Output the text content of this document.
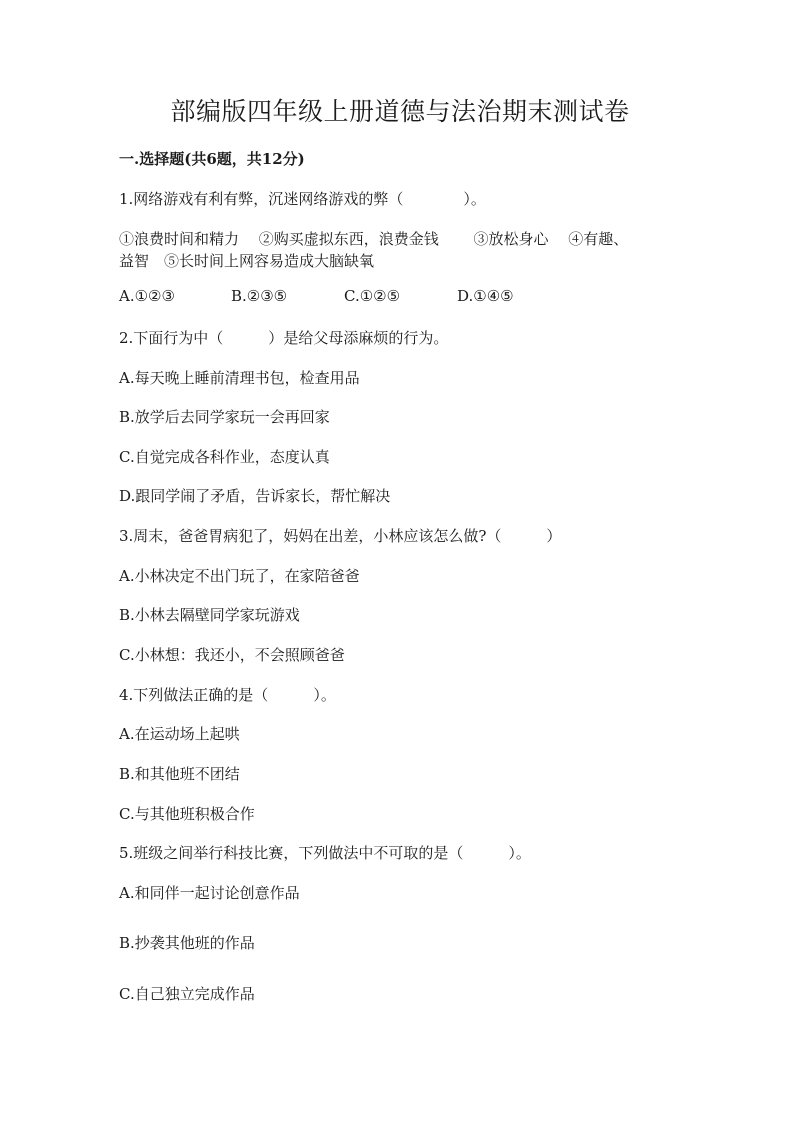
部编版四年级上册道德与法治期末测试卷

一.选择题(共6题，共12分)

1.网络游戏有利有弊，沉迷网络游戏的弊（　　　　）。

①浪费时间和精力　 ②购买虚拟东西，浪费金钱　　 ③放松身心　 ④有趣、

益智　⑤长时间上网容易造成大脑缺氧

A.①②③	B.②③⑤	C.①②⑤	D.①④⑤

2.下面行为中（　　　）是给父母添麻烦的行为。

A.每天晚上睡前清理书包，检查用品

B.放学后去同学家玩一会再回家

C.自觉完成各科作业，态度认真

D.跟同学闹了矛盾，告诉家长，帮忙解决

3.周末，爸爸胃病犯了，妈妈在出差，小林应该怎么做?（　　　）

A.小林决定不出门玩了，在家陪爸爸

B.小林去隔壁同学家玩游戏

C.小林想：我还小，不会照顾爸爸

4.下列做法正确的是（　　　）。

A.在运动场上起哄

B.和其他班不团结

C.与其他班积极合作

5.班级之间举行科技比赛，下列做法中不可取的是（　　　）。

A.和同伴一起讨论创意作品

B.抄袭其他班的作品

C.自己独立完成作品
